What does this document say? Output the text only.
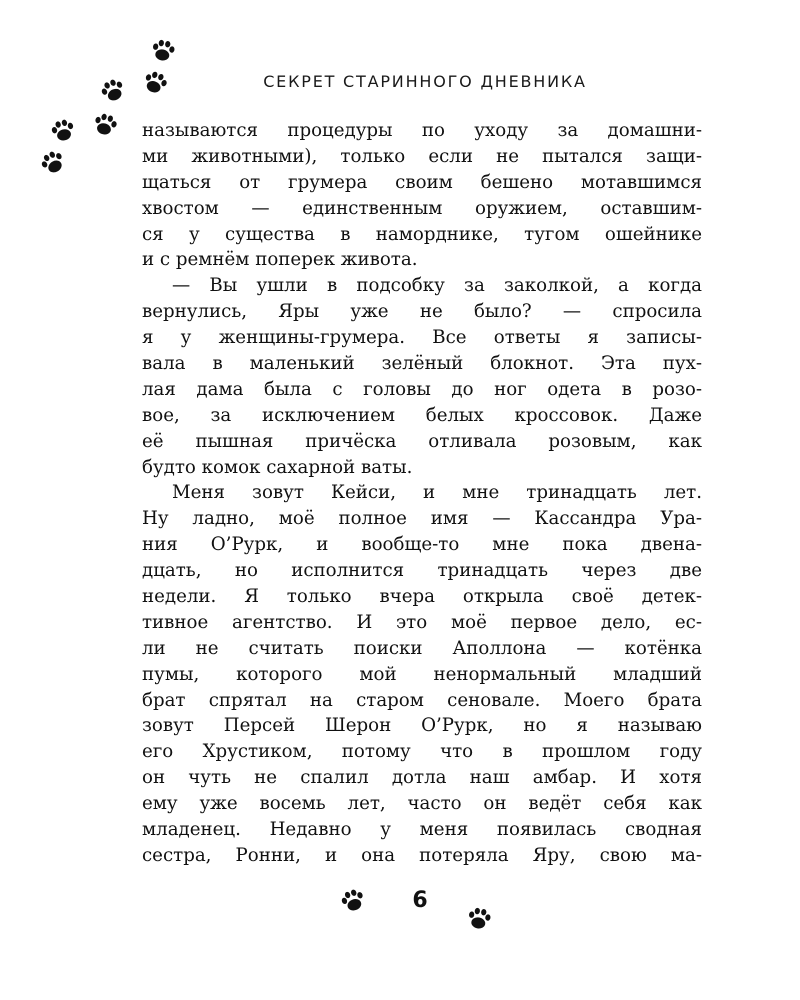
СЕКРЕТ СТАРИННОГО ДНЕВНИКА
называются процедуры по уходу за домашни-
ми животными), только если не пытался защи-
щаться от грумера своим бешено мотавшимся
хвостом — единственным оружием, оставшим-
ся у существа в наморднике, тугом ошейнике
и с ремнём поперек живота.
— Вы ушли в подсобку за заколкой, а когда
вернулись, Яры уже не было? — спросила
я у женщины-грумера. Все ответы я записы-
вала в маленький зелёный блокнот. Эта пух-
лая дама была с головы до ног одета в розо-
вое, за исключением белых кроссовок. Даже
её пышная причёска отливала розовым, как
будто комок сахарной ваты.
Меня зовут Кейси, и мне тринадцать лет.
Ну ладно, моё полное имя — Кассандра Ура-
ния О’Рурк, и вообще-то мне пока двена-
дцать, но исполнится тринадцать через две
недели. Я только вчера открыла своё детек-
тивное агентство. И это моё первое дело, ес-
ли не считать поиски Аполлона — котёнка
пумы, которого мой ненормальный младший
брат спрятал на старом сеновале. Моего брата
зовут Персей Шерон О’Рурк, но я называю
его Хрустиком, потому что в прошлом году
он чуть не спалил дотла наш амбар. И хотя
ему уже восемь лет, часто он ведёт себя как
младенец. Недавно у меня появилась сводная
сестра, Ронни, и она потеряла Яру, свою ма-
6
